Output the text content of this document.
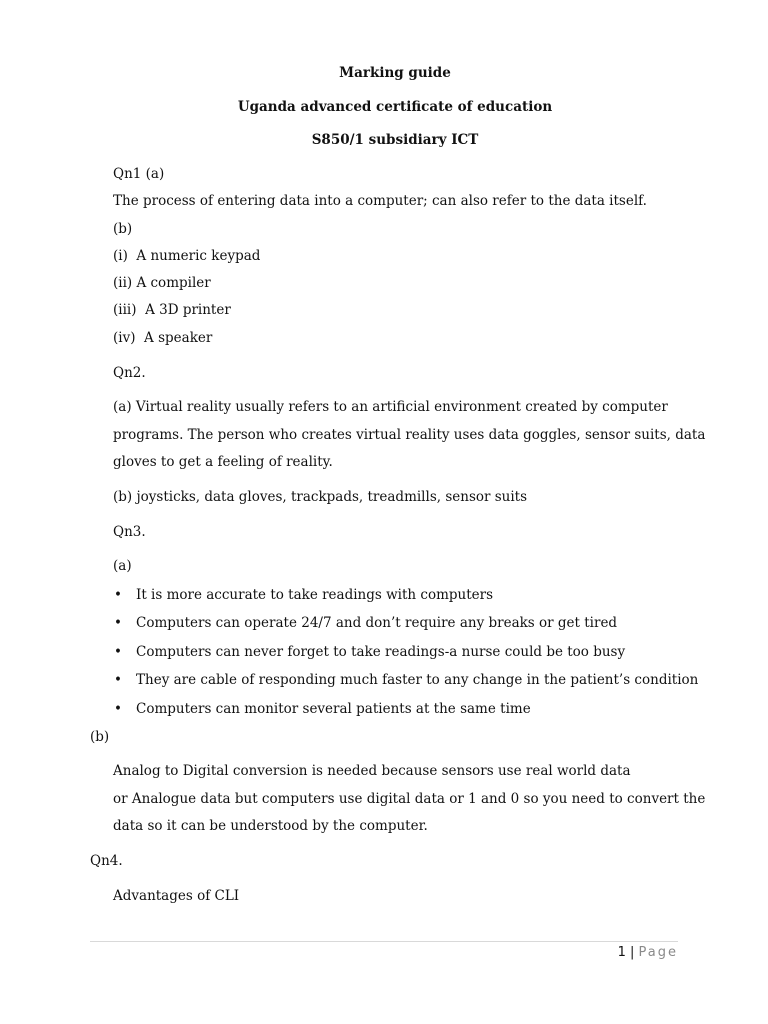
Marking guide
Uganda advanced certificate of education
S850/1 subsidiary ICT
Qn1 (a)
The process of entering data into a computer; can also refer to the data itself.
(b)
(i)  A numeric keypad
(ii) A compiler
(iii)  A 3D printer
(iv)  A speaker
Qn2.
(a) Virtual reality usually refers to an artificial environment created by computer
programs. The person who creates virtual reality uses data goggles, sensor suits, data
gloves to get a feeling of reality.
(b) joysticks, data gloves, trackpads, treadmills, sensor suits
Qn3.
(a)
• It is more accurate to take readings with computers
• Computers can operate 24/7 and don’t require any breaks or get tired
• Computers can never forget to take readings-a nurse could be too busy
• They are cable of responding much faster to any change in the patient’s condition
• Computers can monitor several patients at the same time
(b)
Analog to Digital conversion is needed because sensors use real world data
or Analogue data but computers use digital data or 1 and 0 so you need to convert the
data so it can be understood by the computer.
Qn4.
Advantages of CLI
1 | Page
